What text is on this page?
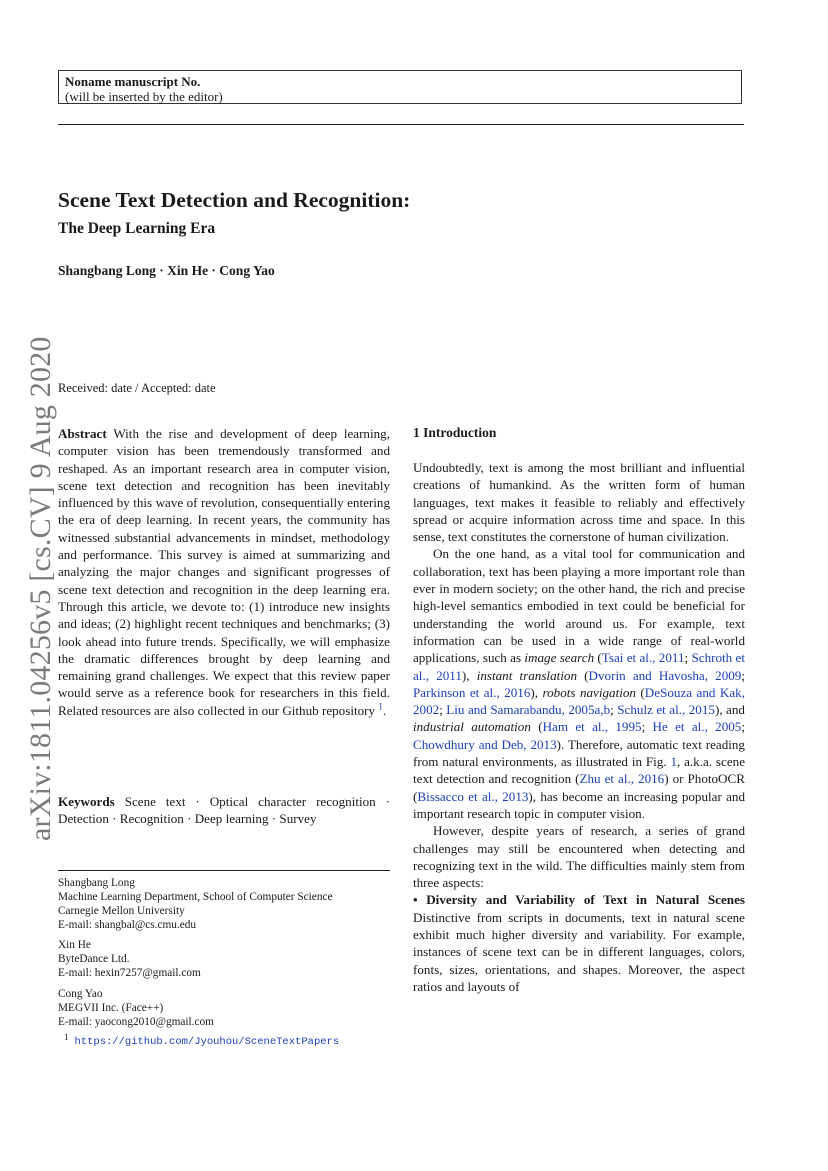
Noname manuscript No.
(will be inserted by the editor)
Scene Text Detection and Recognition:
The Deep Learning Era
Shangbang Long · Xin He · Cong Yao
arXiv:1811.04256v5 [cs.CV] 9 Aug 2020 Received: date / Accepted: date
Abstract With the rise and development of deep learning, computer vision has been tremendously transformed and reshaped. As an important research area in computer vision, scene text detection and recognition has been inevitably influenced by this wave of revolution, consequentially entering the era of deep learning. In recent years, the community has witnessed substantial advancements in mindset, methodology and performance. This survey is aimed at summarizing and analyzing the major changes and significant progresses of scene text detection and recognition in the deep learning era. Through this article, we devote to: (1) introduce new insights and ideas; (2) highlight recent techniques and benchmarks; (3) look ahead into future trends. Specifically, we will emphasize the dramatic differences brought by deep learning and remaining grand challenges. We expect that this review paper would serve as a reference book for researchers in this field. Related resources are also collected in our Github repository $^1$.
Keywords Scene text · Optical character recognition · Detection · Recognition · Deep learning · Survey
Shangbang Long
Machine Learning Department, School of Computer Science
Carnegie Mellon University
E-mail: shangbal@cs.cmu.edu
Xin He
ByteDance Ltd.
E-mail: hexin7257@gmail.com
Cong Yao
MEGVII Inc. (Face++)
E-mail: yaocong2010@gmail.com
1 https://github.com/Jyouhou/SceneTextPapers
1 Introduction

Undoubtedly, text is among the most brilliant and influential creations of humankind. As the written form of human languages, text makes it feasible to reliably and effectively spread or acquire information across time and space. In this sense, text constitutes the cornerstone of human civilization.

On the one hand, as a vital tool for communication and collaboration, text has been playing a more important role than ever in modern society; on the other hand, the rich and precise high-level semantics embodied in text could be beneficial for understanding the world around us. For example, text information can be used in a wide range of real-world applications, such as image search (Tsai et al., 2011; Schroth et al., 2011), instant translation (Dvorin and Havosha, 2009; Parkinson et al., 2016), robots navigation (DeSouza and Kak, 2002; Liu and Samarabandu, 2005a,b; Schulz et al., 2015), and industrial automation (Ham et al., 1995; He et al., 2005; Chowdhury and Deb, 2013). Therefore, automatic text reading from natural environments, as illustrated in Fig. 1, a.k.a. scene text detection and recognition (Zhu et al., 2016) or PhotoOCR (Bissacco et al., 2013), has become an increasing popular and important research topic in computer vision.

However, despite years of research, a series of grand challenges may still be encountered when detecting and recognizing text in the wild. The difficulties mainly stem from three aspects:

• Diversity and Variability of Text in Natural Scenes Distinctive from scripts in documents, text in natural scene exhibit much higher diversity and variability. For example, instances of scene text can be in different languages, colors, fonts, sizes, orientations, and shapes. Moreover, the aspect ratios and layouts of
